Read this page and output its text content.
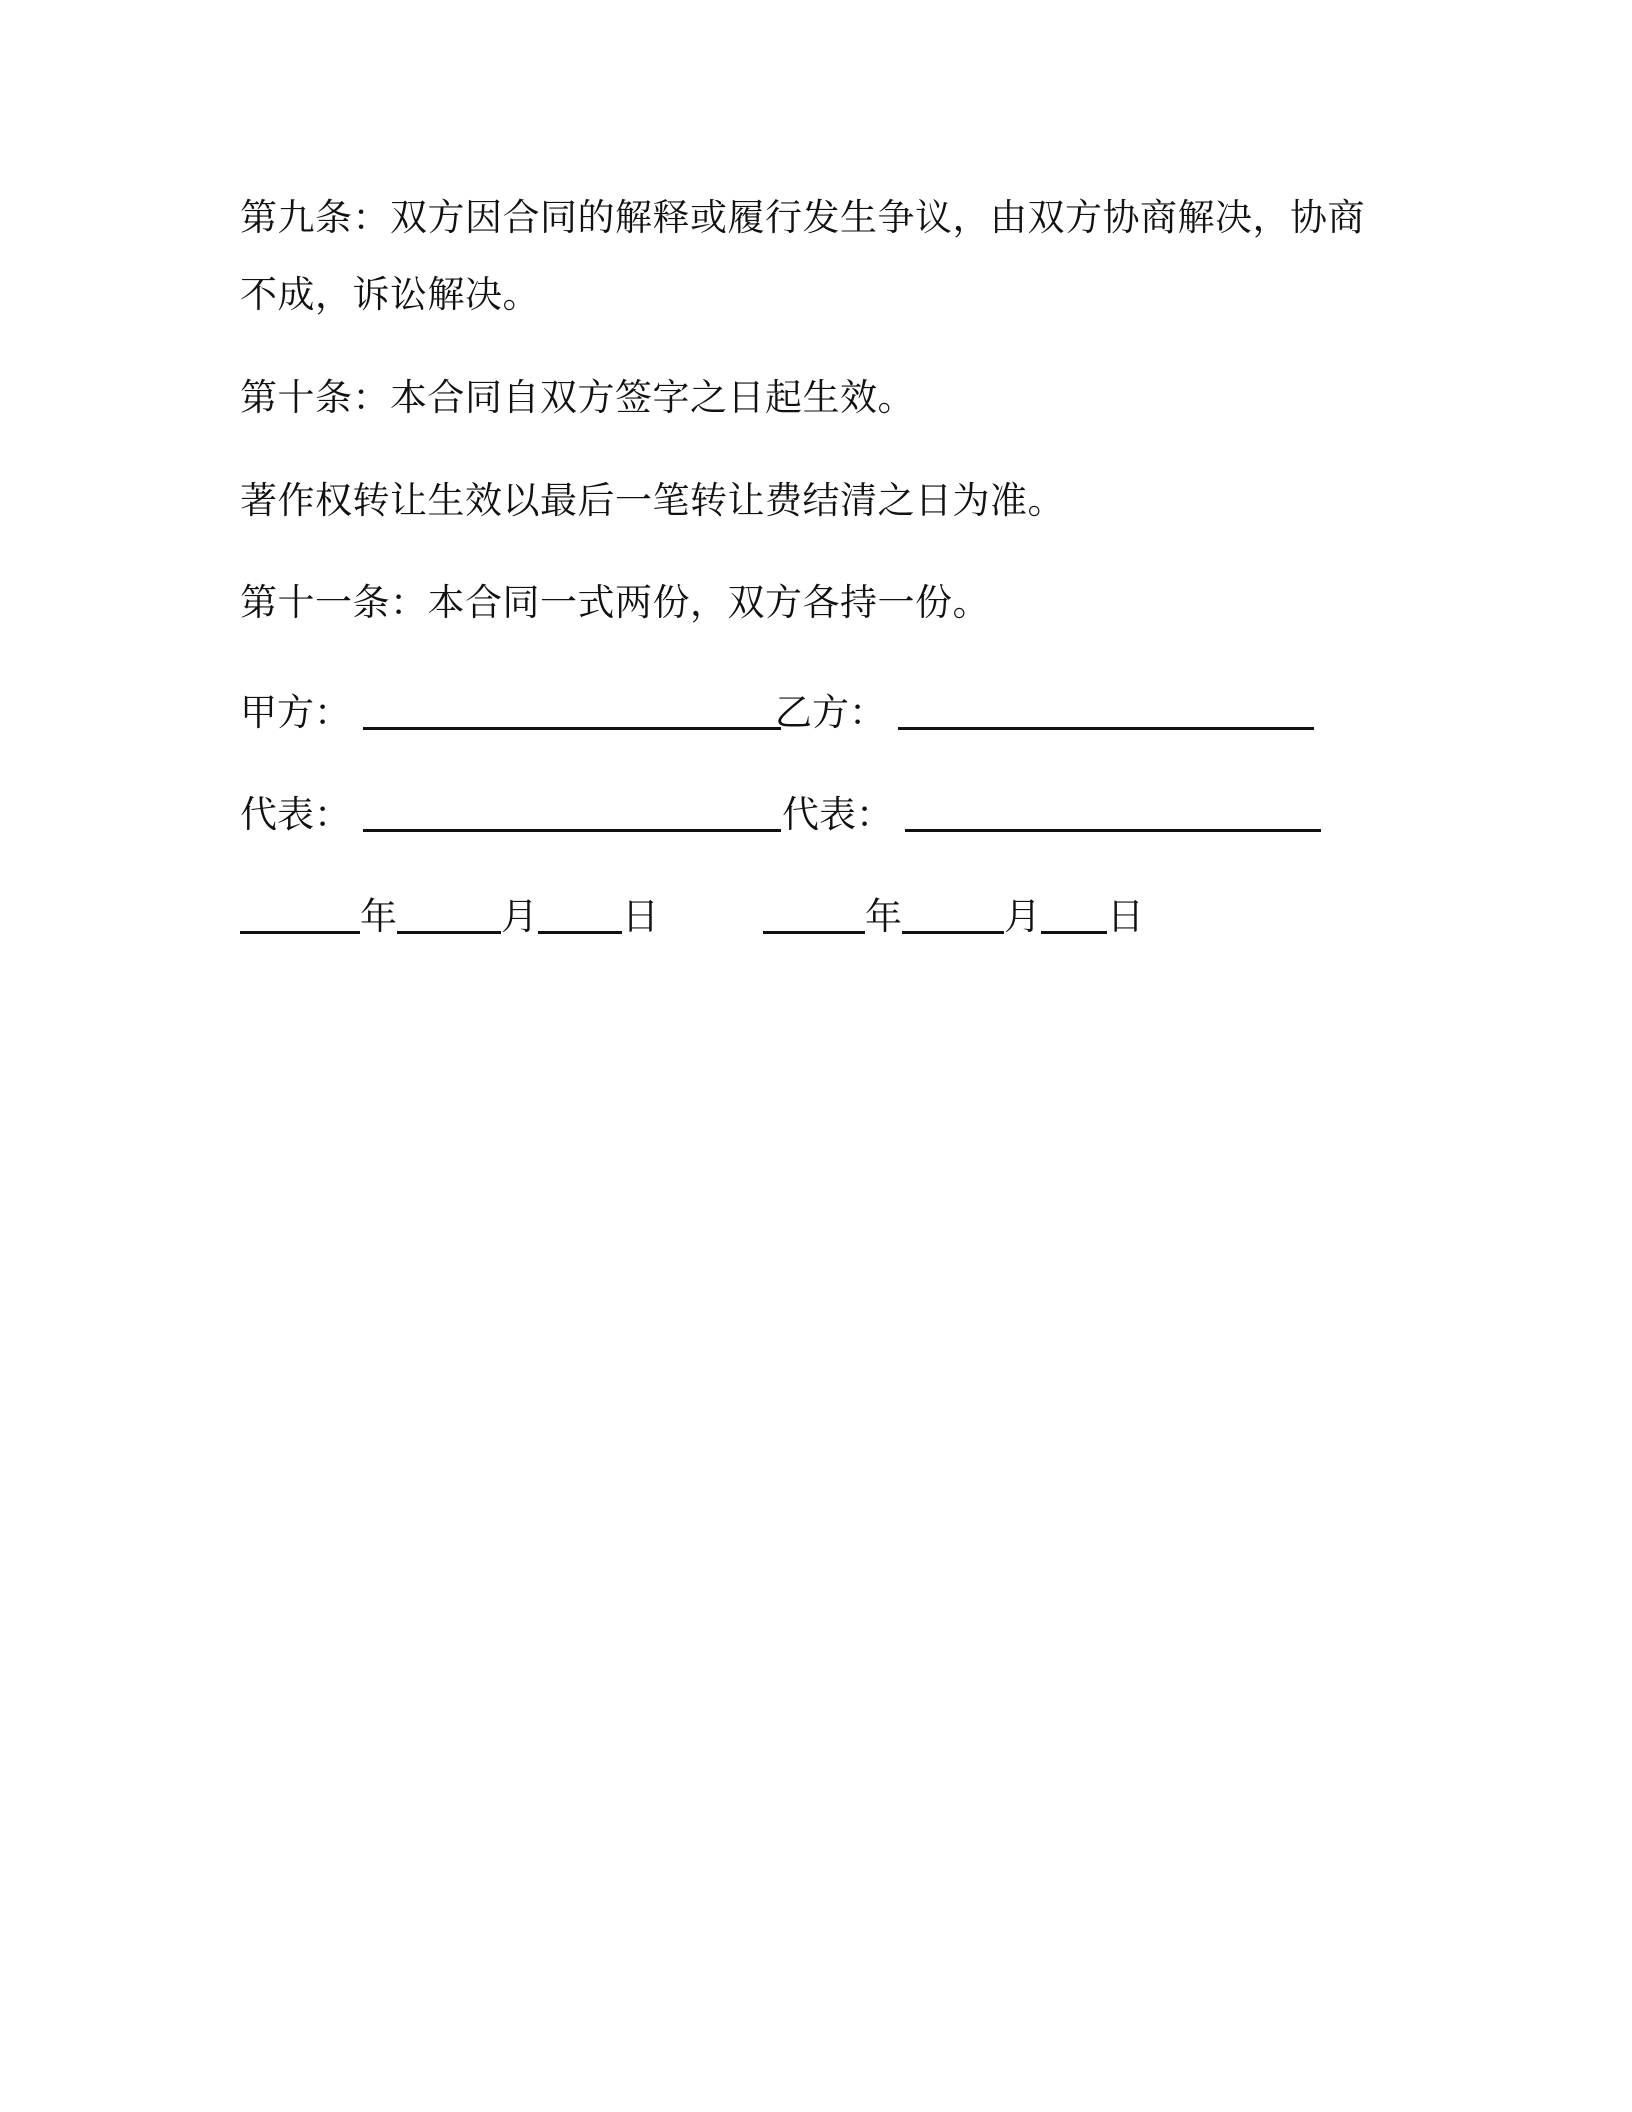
第九条：双方因合同的解释或履行发生争议，由双方协商解决，协商
不成，诉讼解决。
第十条：本合同自双方签字之日起生效。
著作权转让生效以最后一笔转让费结清之日为准。
第十一条：本合同一式两份，双方各持一份。
甲方：	乙方：
代表：	代表：
年	月 日	年	月 日
